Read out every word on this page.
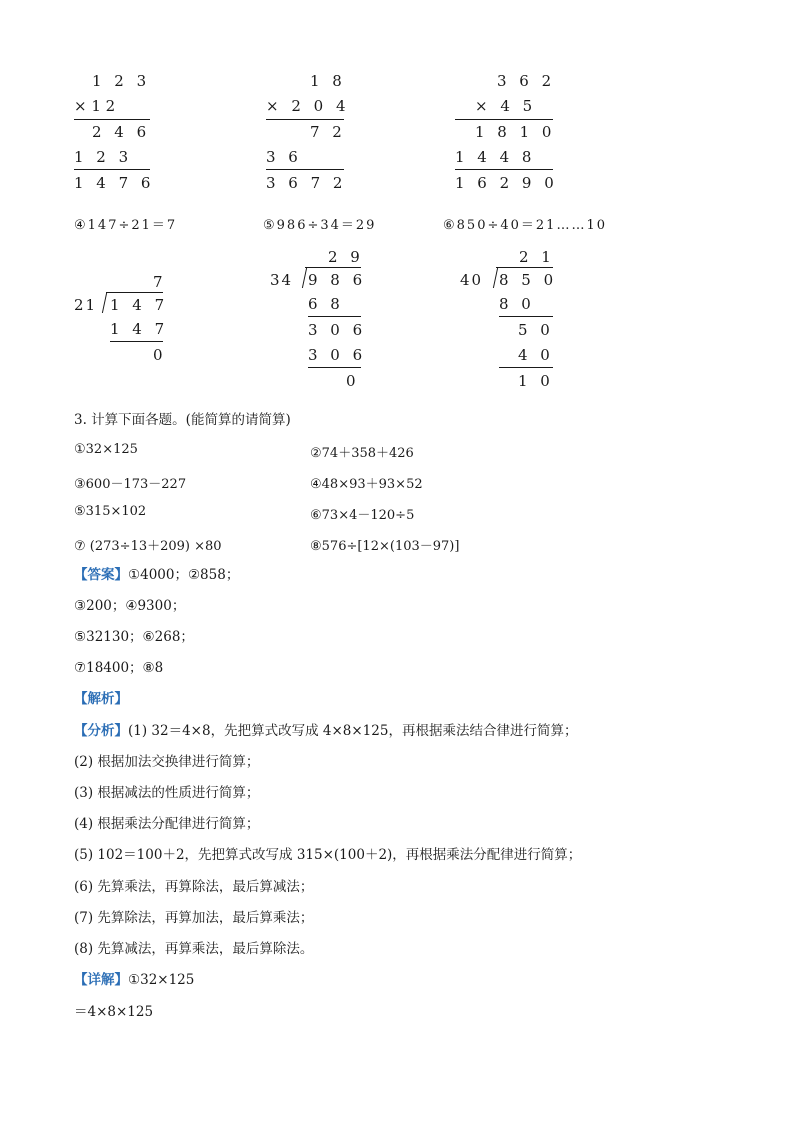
1 2 3
× 1 2
2 4 6
1 2 3
1 4 7 6
1 8
× 2 0 4
7 2
3 6
3 6 7 2
3 6 2
× 4 5
1 8 1 0
1 4 4 8
1 6 2 9 0
④147÷21＝7	⑤986÷34＝29	⑥850÷40＝21……10
7
21 1 4 7
1 4 7
0
2 9
34 9 8 6
6 8
3 0 6
3 0 6
0
2 1
40 8 5 0
8 0
5 0
4 0
1 0
3. 计算下面各题。(能简算的请简算)
①32×125	②74＋358＋426
③600－173－227	④48×93＋93×52
⑤315×102	⑥73×4－120÷5
⑦ (273÷13＋209) ×80	⑧576÷[12×(103－97)]
【答案】①4000；②858；
③200；④9300；
⑤32130；⑥268；
⑦18400；⑧8
【解析】
【分析】(1) 32＝4×8，先把算式改写成 4×8×125，再根据乘法结合律进行简算；
(2) 根据加法交换律进行简算；
(3) 根据减法的性质进行简算；
(4) 根据乘法分配律进行简算；
(5) 102＝100＋2，先把算式改写成 315×(100＋2)，再根据乘法分配律进行简算；
(6) 先算乘法，再算除法，最后算减法；
(7) 先算除法，再算加法，最后算乘法；
(8) 先算减法，再算乘法，最后算除法。
【详解】①32×125
＝4×8×125
